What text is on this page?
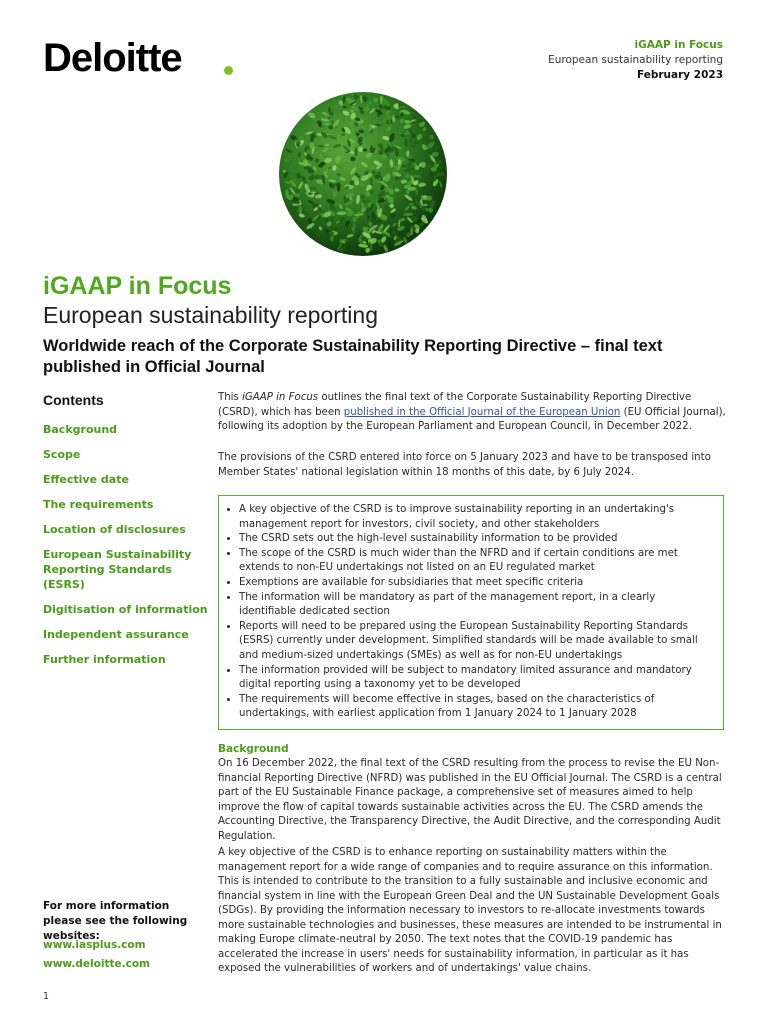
Deloitte	iGAAP in Focus
European sustainability reporting
February 2023
iGAAP in Focus
European sustainability reporting
Worldwide reach of the Corporate Sustainability Reporting Directive – final text published in Official Journal
Contents
Background
Scope
Effective date
The requirements
Location of disclosures
European Sustainability Reporting Standards (ESRS)
Digitisation of information
Independent assurance
Further information
For more information please see the following websites:
www.iasplus.com
www.deloitte.com
1
This iGAAP in Focus outlines the final text of the Corporate Sustainability Reporting Directive (CSRD), which has been published in the Official Journal of the European Union (EU Official Journal), following its adoption by the European Parliament and European Council, in December 2022.
The provisions of the CSRD entered into force on 5 January 2023 and have to be transposed into Member States' national legislation within 18 months of this date, by 6 July 2024.
• A key objective of the CSRD is to improve sustainability reporting in an undertaking's management report for investors, civil society, and other stakeholders
• The CSRD sets out the high-level sustainability information to be provided
• The scope of the CSRD is much wider than the NFRD and if certain conditions are met extends to non-EU undertakings not listed on an EU regulated market
• Exemptions are available for subsidiaries that meet specific criteria
• The information will be mandatory as part of the management report, in a clearly identifiable dedicated section
• Reports will need to be prepared using the European Sustainability Reporting Standards (ESRS) currently under development. Simplified standards will be made available to small and medium-sized undertakings (SMEs) as well as for non-EU undertakings
• The information provided will be subject to mandatory limited assurance and mandatory digital reporting using a taxonomy yet to be developed
• The requirements will become effective in stages, based on the characteristics of undertakings, with earliest application from 1 January 2024 to 1 January 2028
Background
On 16 December 2022, the final text of the CSRD resulting from the process to revise the EU Non-financial Reporting Directive (NFRD) was published in the EU Official Journal. The CSRD is a central part of the EU Sustainable Finance package, a comprehensive set of measures aimed to help improve the flow of capital towards sustainable activities across the EU. The CSRD amends the Accounting Directive, the Transparency Directive, the Audit Directive, and the corresponding Audit Regulation.
A key objective of the CSRD is to enhance reporting on sustainability matters within the management report for a wide range of companies and to require assurance on this information. This is intended to contribute to the transition to a fully sustainable and inclusive economic and financial system in line with the European Green Deal and the UN Sustainable Development Goals (SDGs). By providing the information necessary to investors to re-allocate investments towards more sustainable technologies and businesses, these measures are intended to be instrumental in making Europe climate-neutral by 2050. The text notes that the COVID-19 pandemic has accelerated the increase in users' needs for sustainability information, in particular as it has exposed the vulnerabilities of workers and of undertakings' value chains.
